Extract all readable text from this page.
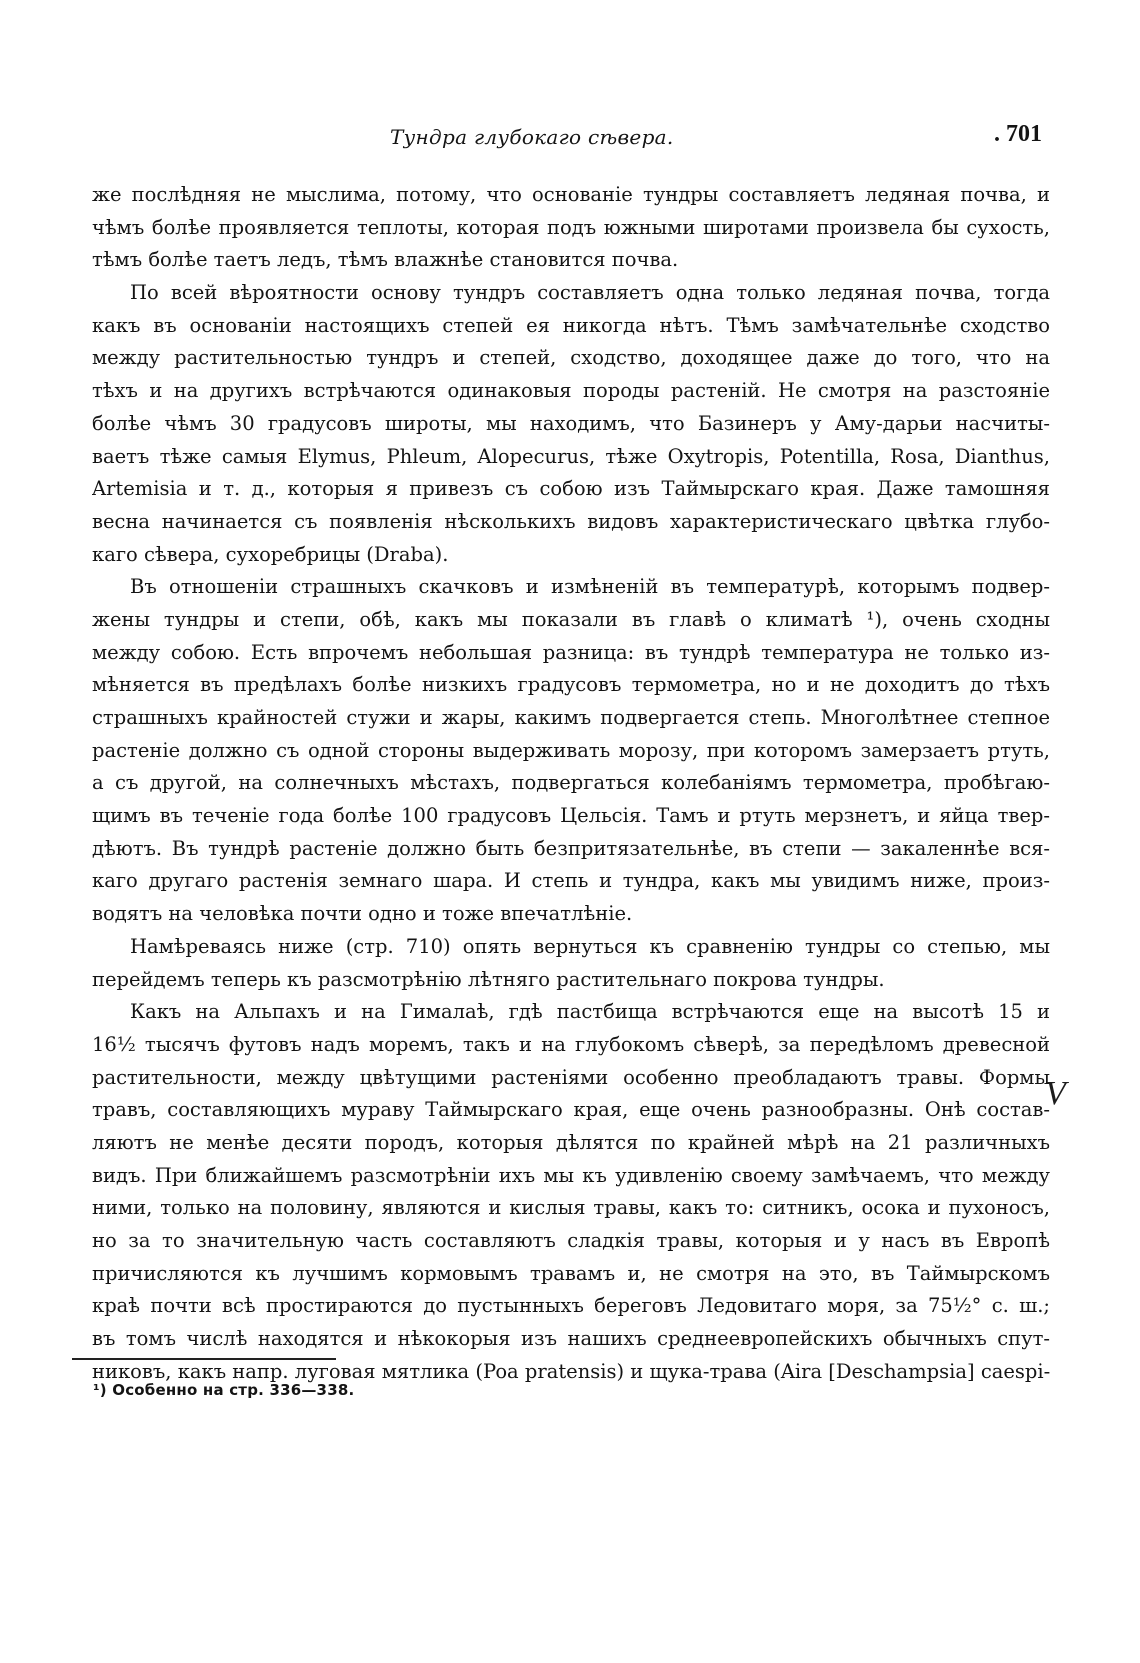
Тундра глубокаго сѣвера.	. 701
же послѣдняя не мыслима, потому, что основаніе тундры составляетъ ледяная почва, и
чѣмъ болѣе проявляется теплоты, которая подъ южными широтами произвела бы сухость,
тѣмъ болѣе таетъ ледъ, тѣмъ влажнѣе становится почва.
По всей вѣроятности основу тундръ составляетъ одна только ледяная почва, тогда
какъ въ основаніи настоящихъ степей ея никогда нѣтъ. Тѣмъ замѣчательнѣе сходство
между растительностью тундръ и степей, сходство, доходящее даже до того, что на
тѣхъ и на другихъ встрѣчаются одинаковыя породы растеній. Не смотря на разстояніе
болѣе чѣмъ 30 градусовъ широты, мы находимъ, что Базинеръ у Аму-дарьи насчиты-
ваетъ тѣже самыя Elymus, Phleum, Alopecurus, тѣже Oxytropis, Potentilla, Rosa, Dianthus,
Artemisia и т. д., которыя я привезъ съ собою изъ Таймырскаго края. Даже тамошняя
весна начинается съ появленія нѣсколькихъ видовъ характеристическаго цвѣтка глубо-
каго сѣвера, сухоребрицы (Draba).
Въ отношеніи страшныхъ скачковъ и измѣненій въ температурѣ, которымъ подвер-
жены тундры и степи, обѣ, какъ мы показали въ главѣ о климатѣ ¹), очень сходны
между собою. Есть впрочемъ небольшая разница: въ тундрѣ температура не только из-
мѣняется въ предѣлахъ болѣе низкихъ градусовъ термометра, но и не доходитъ до тѣхъ
страшныхъ крайностей стужи и жары, какимъ подвергается степь. Многолѣтнее степное
растеніе должно съ одной стороны выдерживать морозу, при которомъ замерзаетъ ртуть,
а съ другой, на солнечныхъ мѣстахъ, подвергаться колебаніямъ термометра, пробѣгаю-
щимъ въ теченіе года болѣе 100 градусовъ Цельсія. Тамъ и ртуть мерзнетъ, и яйца твер-
дѣютъ. Въ тундрѣ растеніе должно быть безпритязательнѣе, въ степи — закаленнѣе вся-
каго другаго растенія земнаго шара. И степь и тундра, какъ мы увидимъ ниже, произ-
водятъ на человѣка почти одно и тоже впечатлѣніе.
Намѣреваясь ниже (стр. 710) опять вернуться къ сравненію тундры со степью, мы
перейдемъ теперь къ разсмотрѣнію лѣтняго растительнаго покрова тундры.
Какъ на Альпахъ и на Гималаѣ, гдѣ пастбища встрѣчаются еще на высотѣ 15 и
16½ тысячъ футовъ надъ моремъ, такъ и на глубокомъ сѣверѣ, за передѣломъ древесной
растительности, между цвѣтущими растеніями особенно преобладаютъ травы. Формы
травъ, составляющихъ мураву Таймырскаго края, еще очень разнообразны. Онѣ состав-
ляютъ не менѣе десяти породъ, которыя дѣлятся по крайней мѣрѣ на 21 различныхъ
видъ. При ближайшемъ разсмотрѣніи ихъ мы къ удивленію своему замѣчаемъ, что между
ними, только на половину, являются и кислыя травы, какъ то: ситникъ, осока и пухоносъ,
но за то значительную часть составляютъ сладкія травы, которыя и у насъ въ Европѣ
причисляются къ лучшимъ кормовымъ травамъ и, не смотря на это, въ Таймырскомъ
краѣ почти всѣ простираются до пустынныхъ береговъ Ледовитаго моря, за 75½° с. ш.;
въ томъ числѣ находятся и нѣкокорыя изъ нашихъ среднеевропейскихъ обычныхъ спут-
никовъ, какъ напр. луговая мятлика (Poa pratensis) и щука-трава (Aira [Deschampsia] caespi-
¹) Особенно на стр. 336—338.
V
